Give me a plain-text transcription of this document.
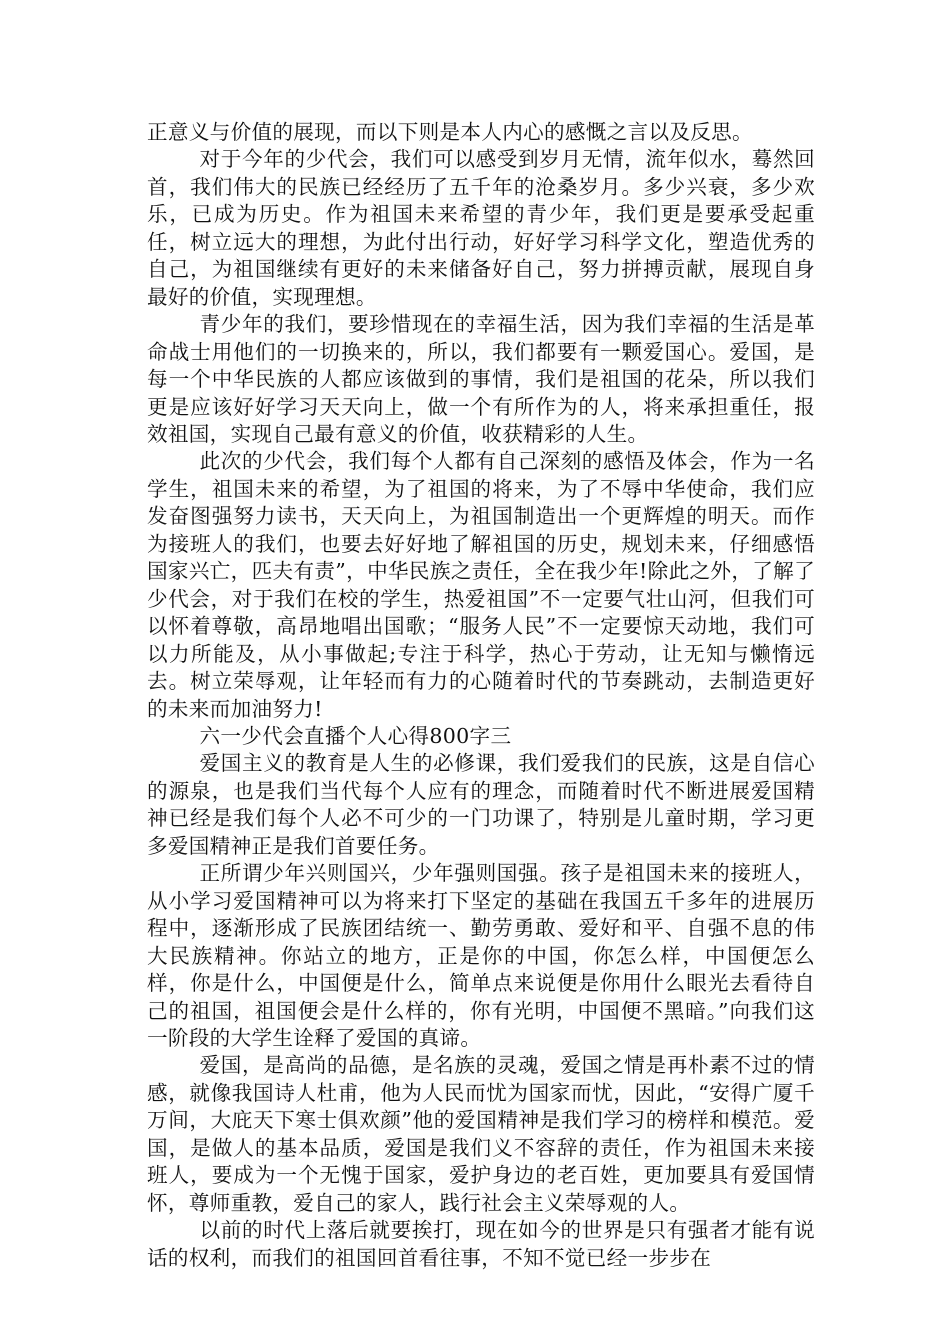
正意义与价值的展现，而以下则是本人内心的感慨之言以及反思。

对于今年的少代会，我们可以感受到岁月无情，流年似水，蓦然回首，我们伟大的民族已经经历了五千年的沧桑岁月。多少兴衰，多少欢乐，已成为历史。作为祖国未来希望的青少年，我们更是要承受起重任，树立远大的理想，为此付出行动，好好学习科学文化，塑造优秀的自己，为祖国继续有更好的未来储备好自己，努力拼搏贡献，展现自身最好的价值，实现理想。

青少年的我们，要珍惜现在的幸福生活，因为我们幸福的生活是革命战士用他们的一切换来的，所以，我们都要有一颗爱国心。爱国，是每一个中华民族的人都应该做到的事情，我们是祖国的花朵，所以我们更是应该好好学习天天向上，做一个有所作为的人，将来承担重任，报效祖国，实现自己最有意义的价值，收获精彩的人生。

此次的少代会，我们每个人都有自己深刻的感悟及体会，作为一名学生，祖国未来的希望，为了祖国的将来，为了不辱中华使命，我们应发奋图强努力读书，天天向上，为祖国制造出一个更辉煌的明天。而作为接班人的我们，也要去好好地了解祖国的历史，规划未来，仔细感悟国家兴亡，匹夫有责”，中华民族之责任，全在我少年!除此之外，了解了少代会，对于我们在校的学生，热爱祖国”不一定要气壮山河，但我们可以怀着尊敬，高昂地唱出国歌；“服务人民”不一定要惊天动地，我们可以力所能及，从小事做起;专注于科学，热心于劳动，让无知与懒惰远去。树立荣辱观，让年轻而有力的心随着时代的节奏跳动，去制造更好的未来而加油努力!

六一少代会直播个人心得800字三

爱国主义的教育是人生的必修课，我们爱我们的民族，这是自信心的源泉，也是我们当代每个人应有的理念，而随着时代不断进展爱国精神已经是我们每个人必不可少的一门功课了，特别是儿童时期，学习更多爱国精神正是我们首要任务。

正所谓少年兴则国兴，少年强则国强。孩子是祖国未来的接班人，从小学习爱国精神可以为将来打下坚定的基础在我国五千多年的进展历程中，逐渐形成了民族团结统一、勤劳勇敢、爱好和平、自强不息的伟大民族精神。你站立的地方，正是你的中国，你怎么样，中国便怎么样，你是什么，中国便是什么，简单点来说便是你用什么眼光去看待自己的祖国，祖国便会是什么样的，你有光明，中国便不黑暗。”向我们这一阶段的大学生诠释了爱国的真谛。

爱国，是高尚的品德，是名族的灵魂，爱国之情是再朴素不过的情感，就像我国诗人杜甫，他为人民而忧为国家而忧，因此，“安得广厦千万间，大庇天下寒士俱欢颜”他的爱国精神是我们学习的榜样和模范。爱国，是做人的基本品质，爱国是我们义不容辞的责任，作为祖国未来接班人，要成为一个无愧于国家，爱护身边的老百姓，更加要具有爱国情怀，尊师重教，爱自己的家人，践行社会主义荣辱观的人。

以前的时代上落后就要挨打，现在如今的世界是只有强者才能有说话的权利，而我们的祖国回首看往事，不知不觉已经一步步在
